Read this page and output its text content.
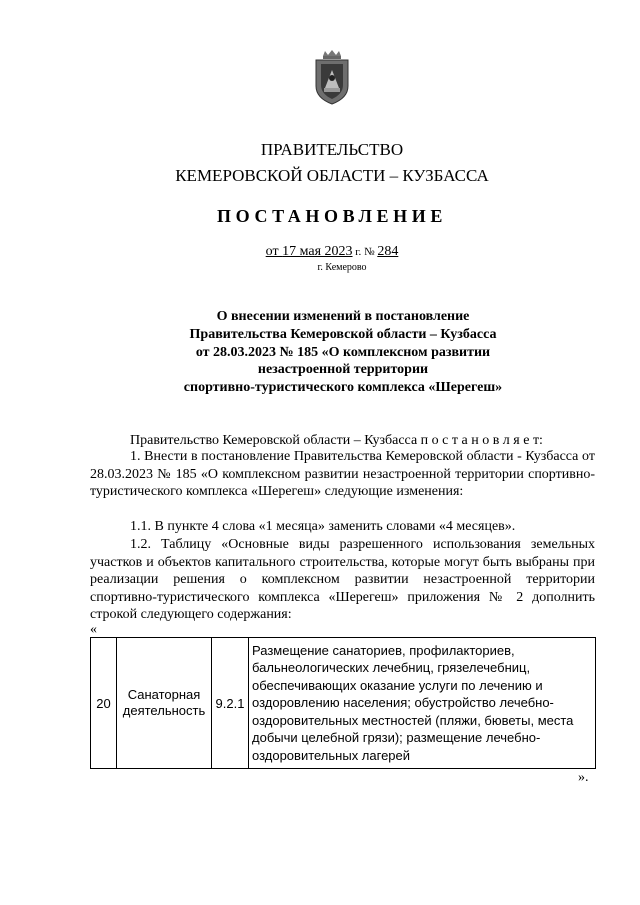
ПРАВИТЕЛЬСТВО
КЕМЕРОВСКОЙ ОБЛАСТИ – КУЗБАССА
ПОСТАНОВЛЕНИЕ
от 17 мая 2023 г. № 284
г. Кемерово
О внесении изменений в постановление
Правительства Кемеровской области – Кузбасса
от 28.03.2023 № 185 «О комплексном развитии
незастроенной территории
спортивно-туристического комплекса «Шерегеш»

Правительство Кемеровской области – Кузбасса п о с т а н о в л я е т:

1. Внести в постановление Правительства Кемеровской области - Кузбасса от 28.03.2023 № 185 «О комплексном развитии незастроенной территории спортивно-туристического комплекса «Шерегеш» следующие изменения:

1.1. В пункте 4 слова «1 месяца» заменить словами «4 месяцев».

1.2. Таблицу «Основные виды разрешенного использования земельных участков и объектов капитального строительства, которые могут быть выбраны при реализации решения о комплексном развитии незастроенной территории спортивно-туристического комплекса «Шерегеш» приложения № 2 дополнить строкой следующего содержания:

«
20	Санаторная деятельность	9.2.1	Размещение санаториев, профилакториев, бальнеологических лечебниц, грязелечебниц, обеспечивающих оказание услуги по лечению и оздоровлению населения; обустройство лечебно-оздоровительных местностей (пляжи, бюветы, места добычи целебной грязи); размещение лечебно-оздоровительных лагерей
».
